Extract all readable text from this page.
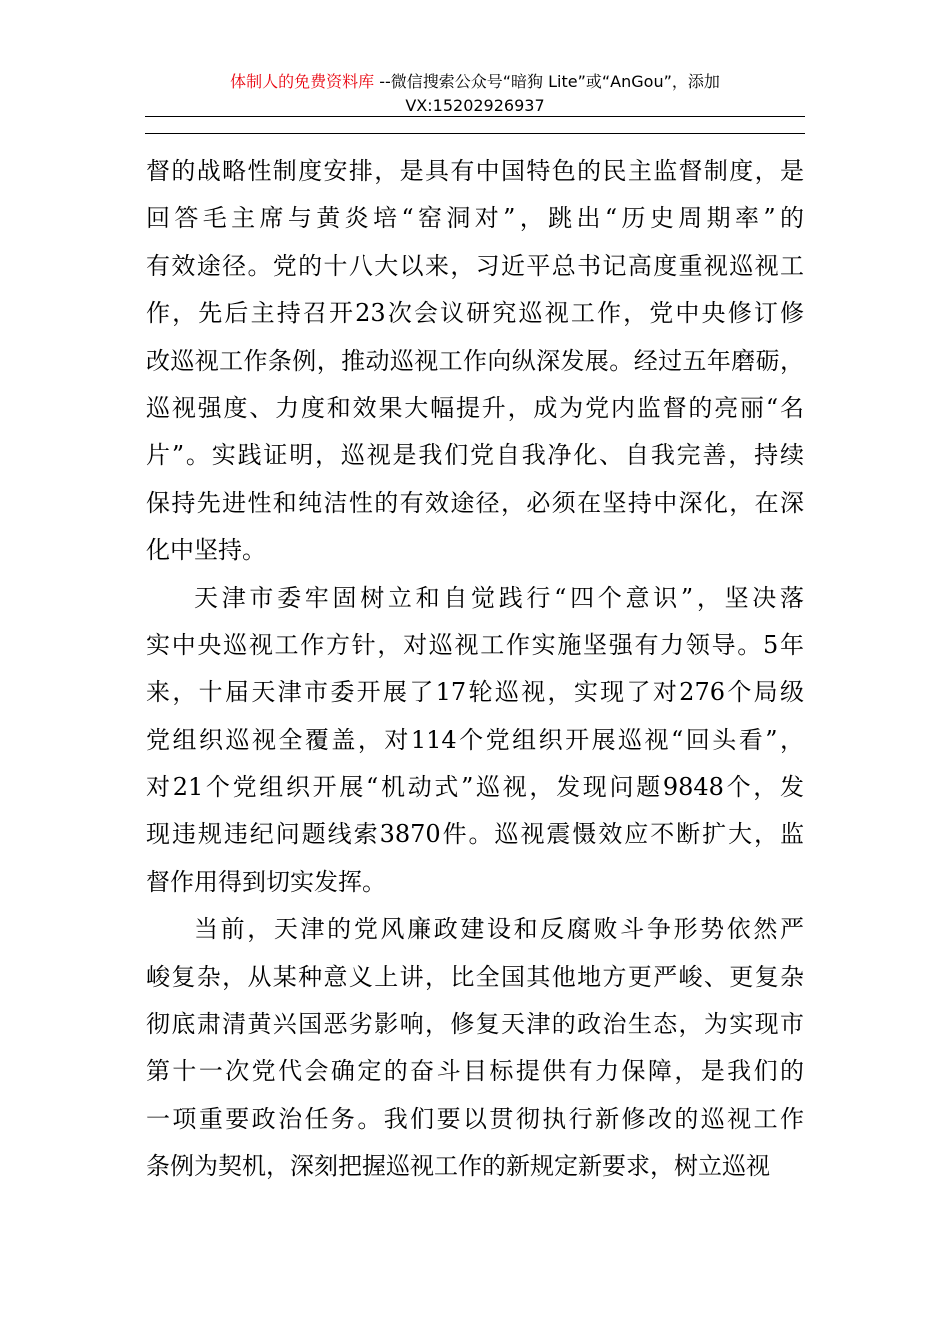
体制人的免费资料库 --微信搜索公众号“暗狗 Lite”或“AnGou”，添加
VX:15202926937
督的战略性制度安排，是具有中国特色的民主监督制度，是
回答毛主席与黄炎培“窑洞对”，跳出“历史周期率”的
有效途径。党的十八大以来，习近平总书记高度重视巡视工
作，先后主持召开23次会议研究巡视工作，党中央修订修
改巡视工作条例，推动巡视工作向纵深发展。经过五年磨砺，
巡视强度、力度和效果大幅提升，成为党内监督的亮丽“名
片”。实践证明，巡视是我们党自我净化、自我完善，持续
保持先进性和纯洁性的有效途径，必须在坚持中深化，在深
化中坚持。
天津市委牢固树立和自觉践行“四个意识”，坚决落
实中央巡视工作方针，对巡视工作实施坚强有力领导。5年
来，十届天津市委开展了17轮巡视，实现了对276个局级
党组织巡视全覆盖，对114个党组织开展巡视“回头看”，
对21个党组织开展“机动式”巡视，发现问题9848个，发
现违规违纪问题线索3870件。巡视震慑效应不断扩大，监
督作用得到切实发挥。
当前，天津的党风廉政建设和反腐败斗争形势依然严
峻复杂，从某种意义上讲，比全国其他地方更严峻、更复杂
彻底肃清黄兴国恶劣影响，修复天津的政治生态，为实现市
第十一次党代会确定的奋斗目标提供有力保障，是我们的
一项重要政治任务。我们要以贯彻执行新修改的巡视工作
条例为契机，深刻把握巡视工作的新规定新要求，树立巡视
